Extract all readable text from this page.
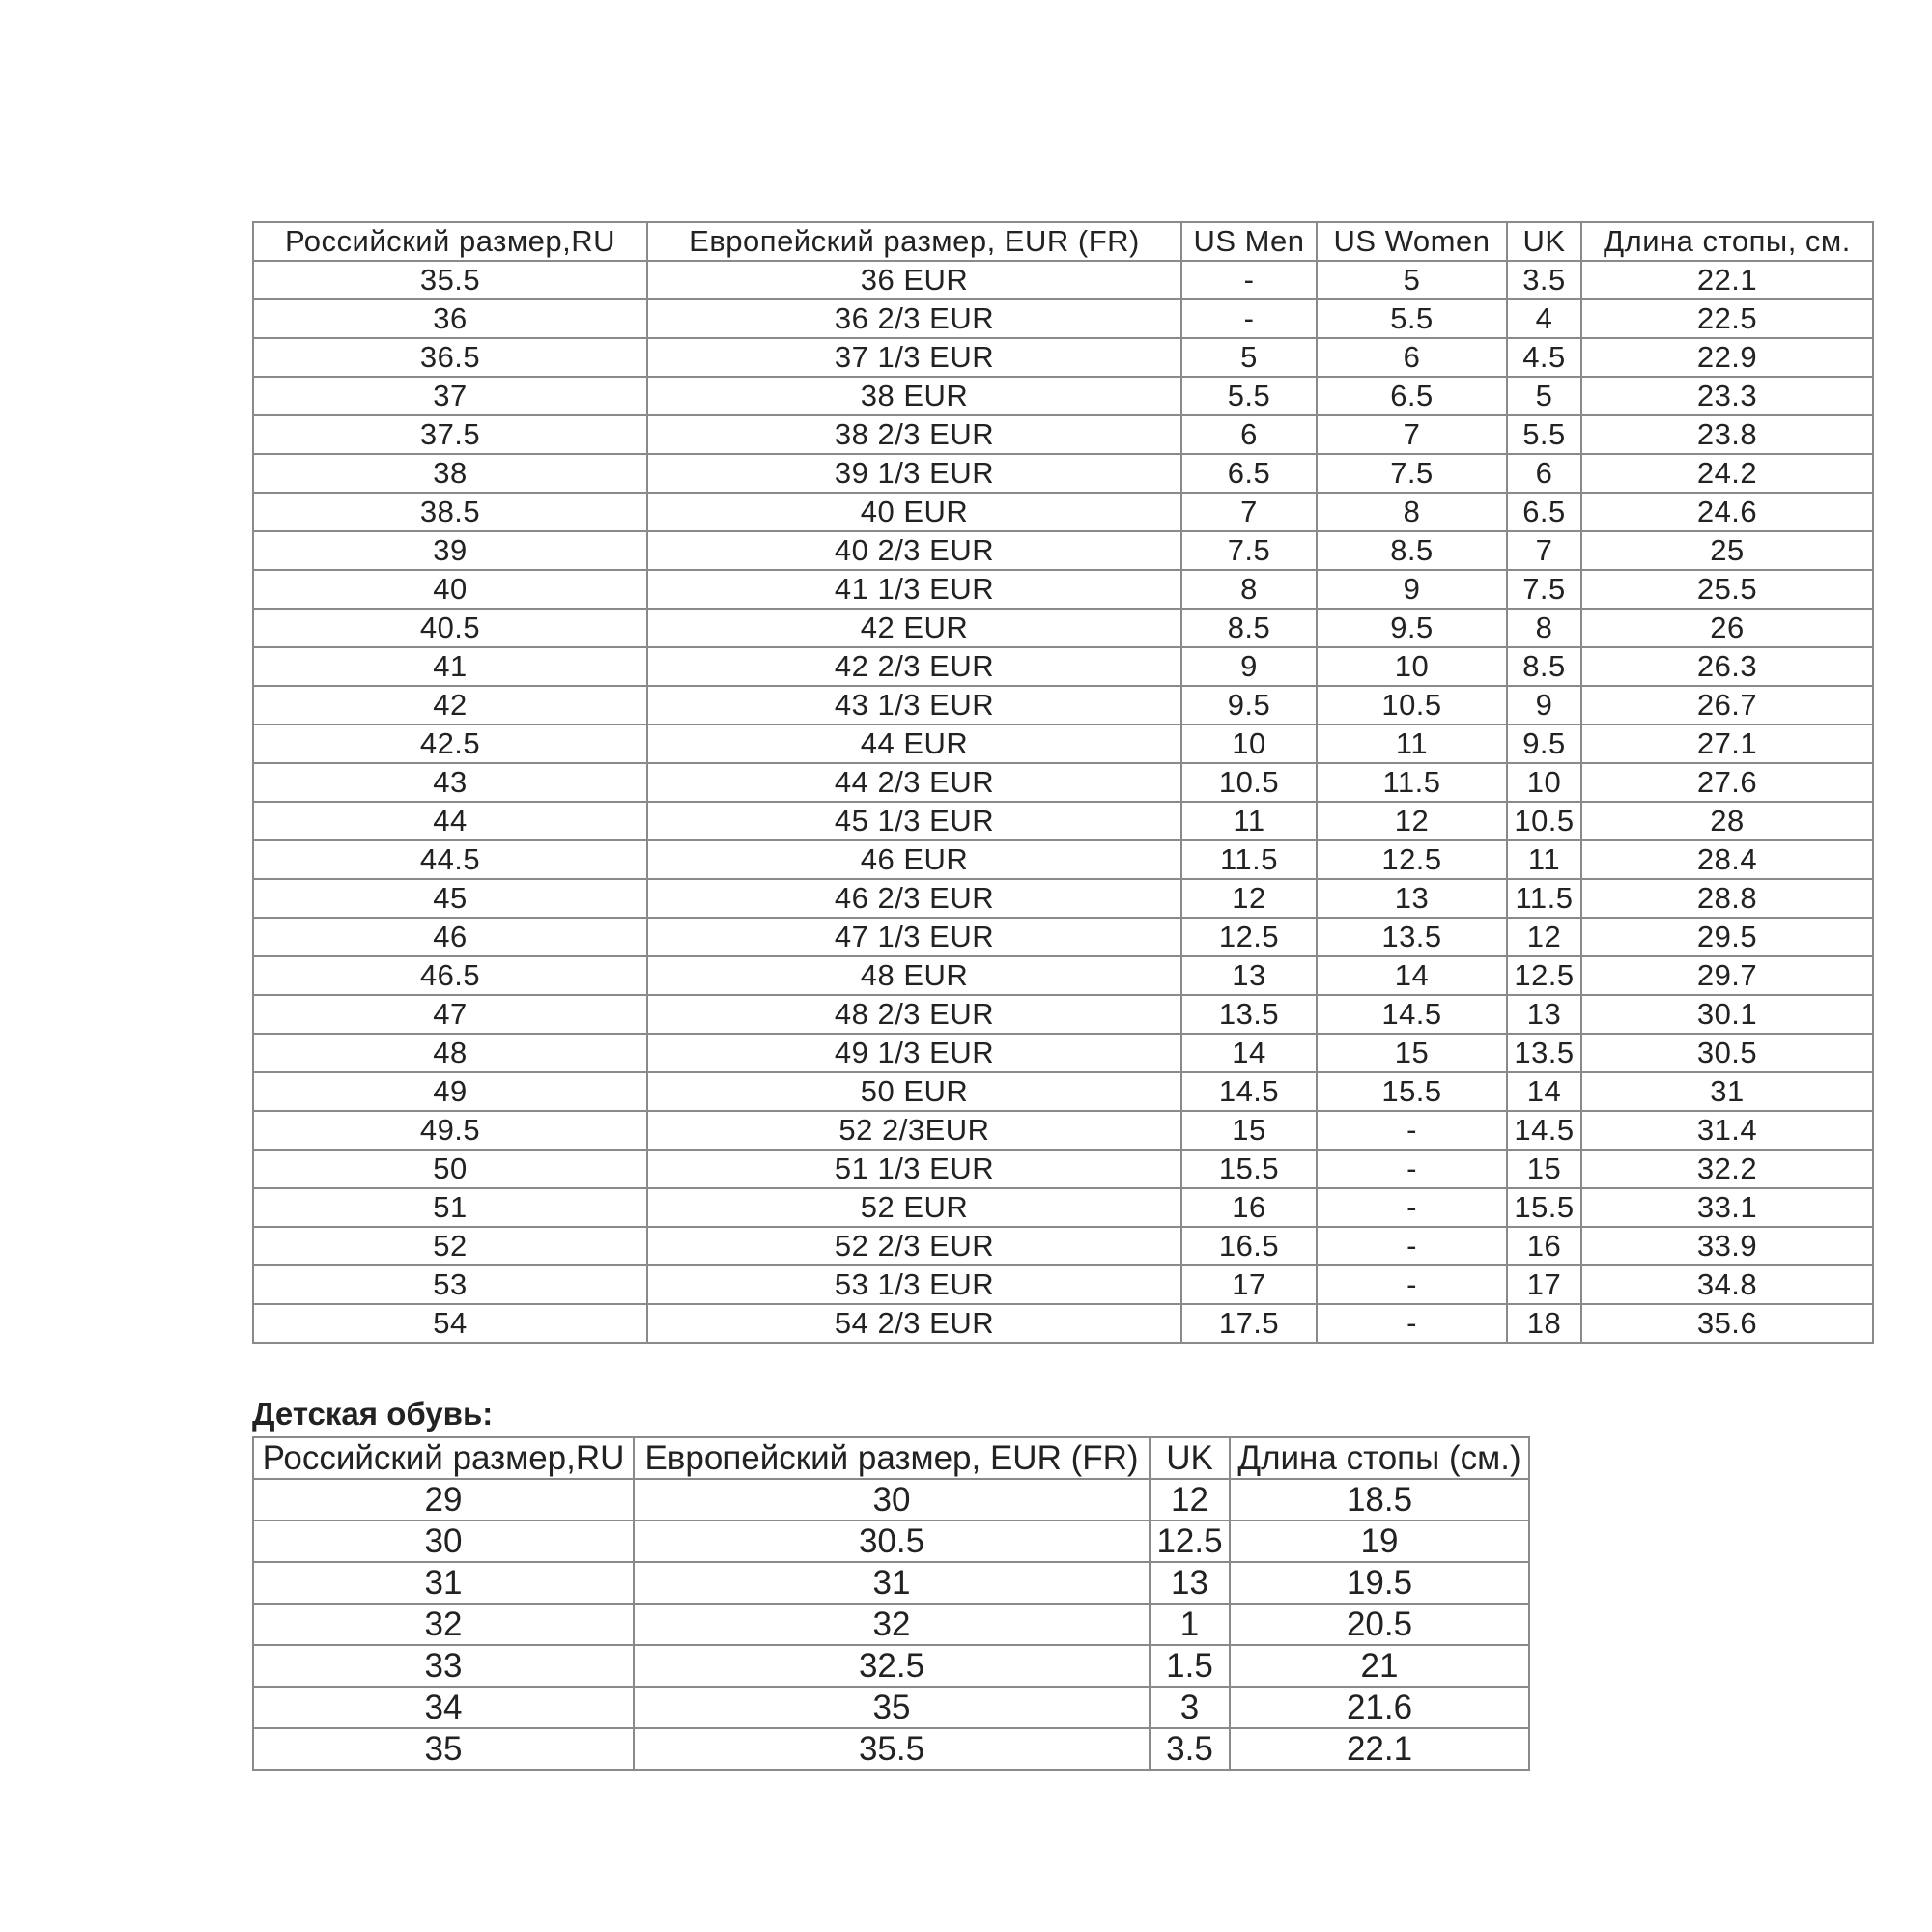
Российский размер,RU	Европейский размер, EUR (FR)	US Men	US Women	UK	Длина стопы, см.
35.5	36 EUR	-	5	3.5	22.1
36	36 2/3 EUR	-	5.5	4	22.5
36.5	37 1/3 EUR	5	6	4.5	22.9
37	38 EUR	5.5	6.5	5	23.3
37.5	38 2/3 EUR	6	7	5.5	23.8
38	39 1/3 EUR	6.5	7.5	6	24.2
38.5	40 EUR	7	8	6.5	24.6
39	40 2/3 EUR	7.5	8.5	7	25
40	41 1/3 EUR	8	9	7.5	25.5
40.5	42 EUR	8.5	9.5	8	26
41	42 2/3 EUR	9	10	8.5	26.3
42	43 1/3 EUR	9.5	10.5	9	26.7
42.5	44 EUR	10	11	9.5	27.1
43	44 2/3 EUR	10.5	11.5	10	27.6
44	45 1/3 EUR	11	12	10.5	28
44.5	46 EUR	11.5	12.5	11	28.4
45	46 2/3 EUR	12	13	11.5	28.8
46	47 1/3 EUR	12.5	13.5	12	29.5
46.5	48 EUR	13	14	12.5	29.7
47	48 2/3 EUR	13.5	14.5	13	30.1
48	49 1/3 EUR	14	15	13.5	30.5
49	50 EUR	14.5	15.5	14	31
49.5	52 2/3EUR	15	-	14.5	31.4
50	51 1/3 EUR	15.5	-	15	32.2
51	52 EUR	16	-	15.5	33.1
52	52 2/3 EUR	16.5	-	16	33.9
53	53 1/3 EUR	17	-	17	34.8
54	54 2/3 EUR	17.5	-	18	35.6
Детская обувь:
Российский размер,RU	Европейский размер, EUR (FR)	UK	Длина стопы (см.)
29	30	12	18.5
30	30.5	12.5	19
31	31	13	19.5
32	32	1	20.5
33	32.5	1.5	21
34	35	3	21.6
35	35.5	3.5	22.1
